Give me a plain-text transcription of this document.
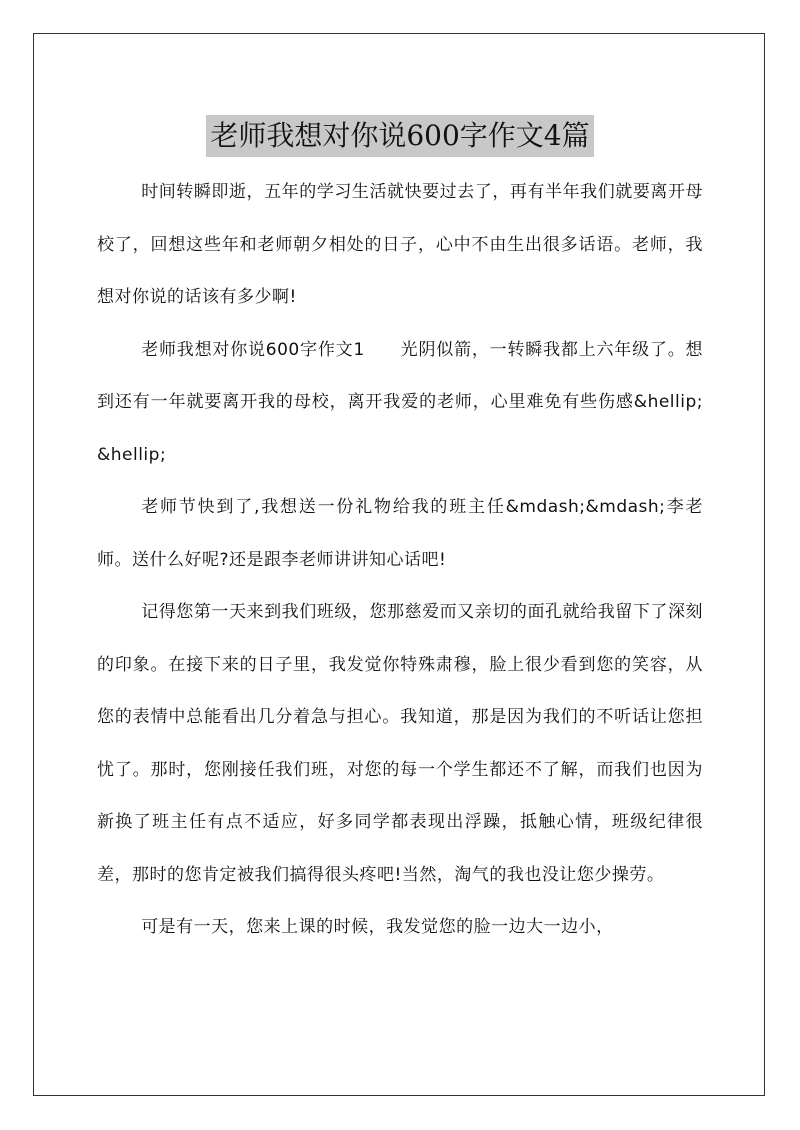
老师我想对你说600字作文4篇

时间转瞬即逝，五年的学习生活就快要过去了，再有半年我们就要离开母校了，回想这些年和老师朝夕相处的日子，心中不由生出很多话语。老师，我想对你说的话该有多少啊!

老师我想对你说600字作文1　　光阴似箭，一转瞬我都上六年级了。想到还有一年就要离开我的母校，离开我爱的老师，心里难免有些伤感&hellip;&hellip;

老师节快到了,我想送一份礼物给我的班主任&mdash;&mdash;李老师。送什么好呢?还是跟李老师讲讲知心话吧!

记得您第一天来到我们班级，您那慈爱而又亲切的面孔就给我留下了深刻的印象。在接下来的日子里，我发觉你特殊肃穆，脸上很少看到您的笑容，从您的表情中总能看出几分着急与担心。我知道，那是因为我们的不听话让您担忧了。那时，您刚接任我们班，对您的每一个学生都还不了解，而我们也因为新换了班主任有点不适应，好多同学都表现出浮躁，抵触心情，班级纪律很差，那时的您肯定被我们搞得很头疼吧!当然，淘气的我也没让您少操劳。

可是有一天，您来上课的时候，我发觉您的脸一边大一边小，
